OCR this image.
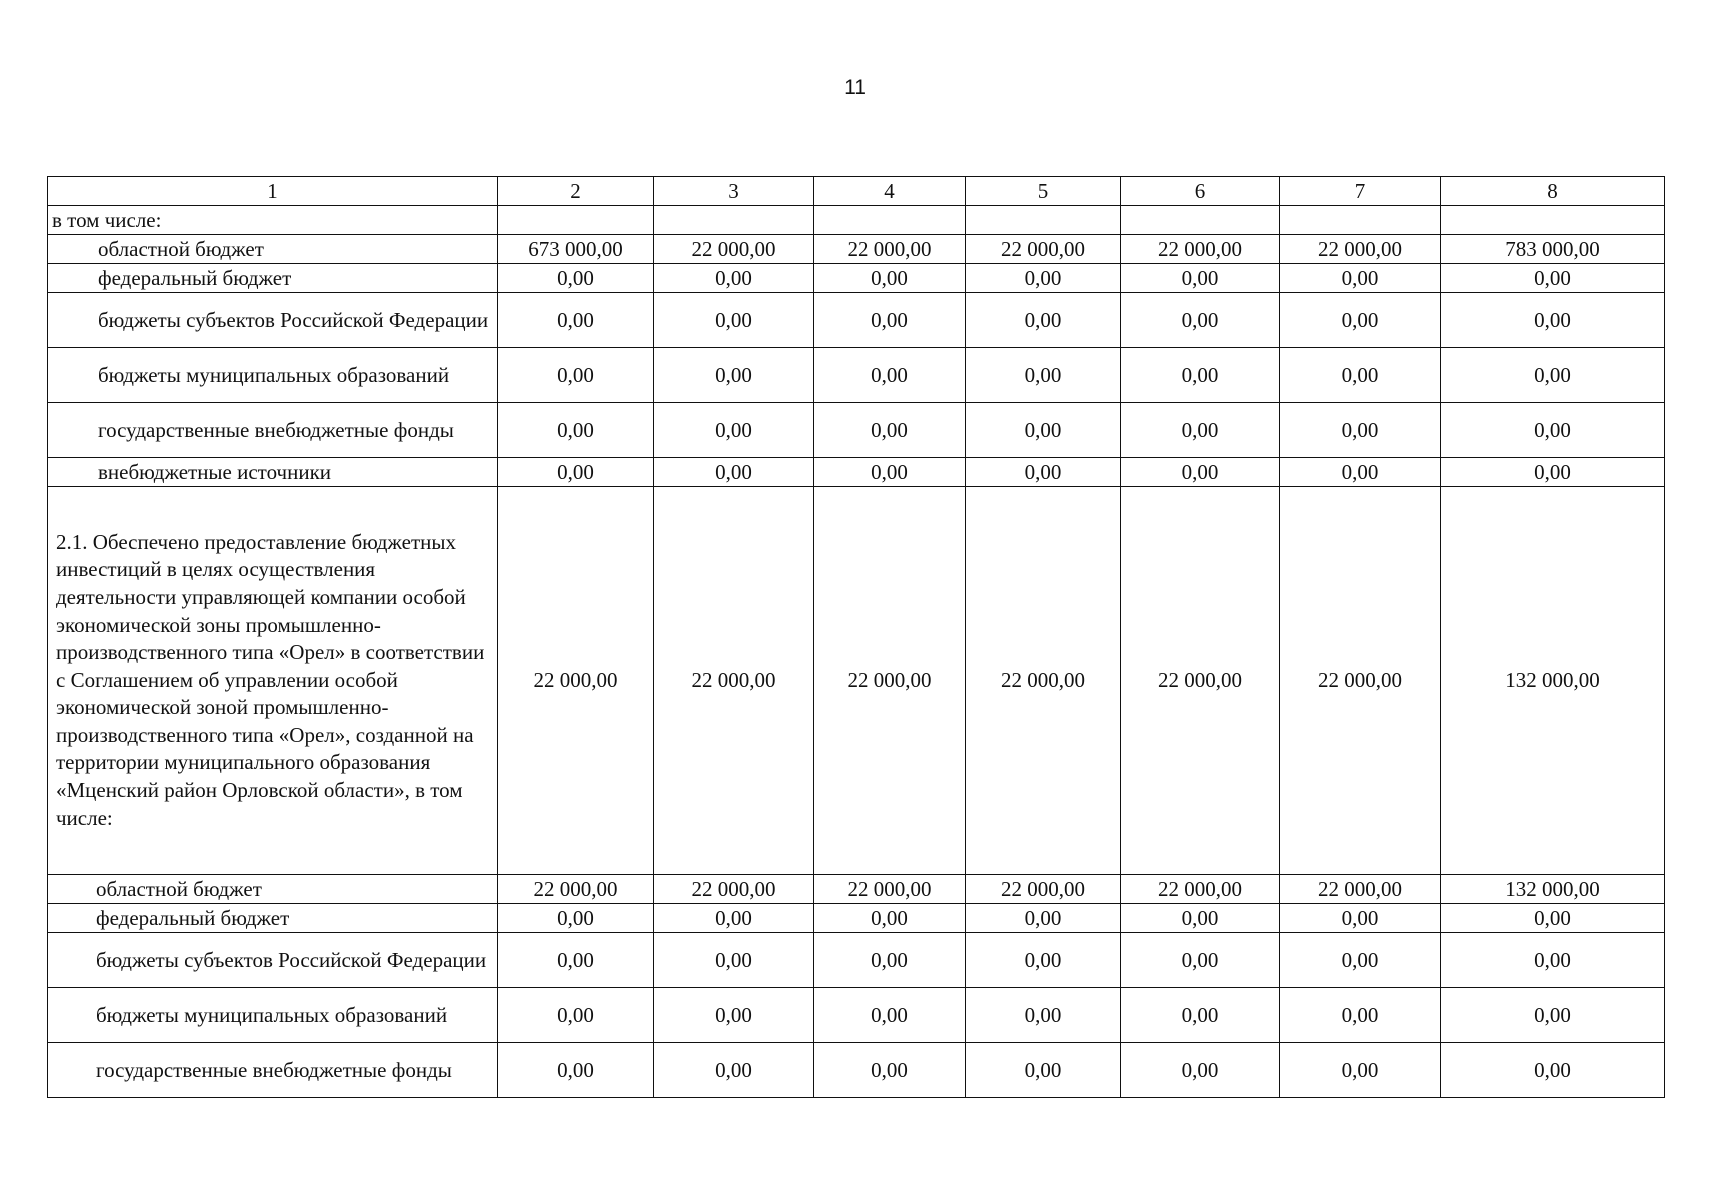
11
1	2	3	4	5	6	7	8
в том числе:							
областной бюджет	673 000,00	22 000,00	22 000,00	22 000,00	22 000,00	22 000,00	783 000,00
федеральный бюджет	0,00	0,00	0,00	0,00	0,00	0,00	0,00
бюджеты субъектов Российской Федерации	0,00	0,00	0,00	0,00	0,00	0,00	0,00
бюджеты муниципальных образований	0,00	0,00	0,00	0,00	0,00	0,00	0,00
государственные внебюджетные фонды	0,00	0,00	0,00	0,00	0,00	0,00	0,00
внебюджетные источники	0,00	0,00	0,00	0,00	0,00	0,00	0,00
2.1. Обеспечено предоставление бюджетных инвестиций в целях осуществления деятельности управляющей компании особой экономической зоны промышленно-производственного типа «Орел» в соответствии с Соглашением об управлении особой экономической зоной промышленно-производственного типа «Орел», созданной на территории муниципального образования «Мценский район Орловской области», в том числе:	22 000,00	22 000,00	22 000,00	22 000,00	22 000,00	22 000,00	132 000,00
областной бюджет	22 000,00	22 000,00	22 000,00	22 000,00	22 000,00	22 000,00	132 000,00
федеральный бюджет	0,00	0,00	0,00	0,00	0,00	0,00	0,00
бюджеты субъектов Российской Федерации	0,00	0,00	0,00	0,00	0,00	0,00	0,00
бюджеты муниципальных образований	0,00	0,00	0,00	0,00	0,00	0,00	0,00
государственные внебюджетные фонды	0,00	0,00	0,00	0,00	0,00	0,00	0,00
